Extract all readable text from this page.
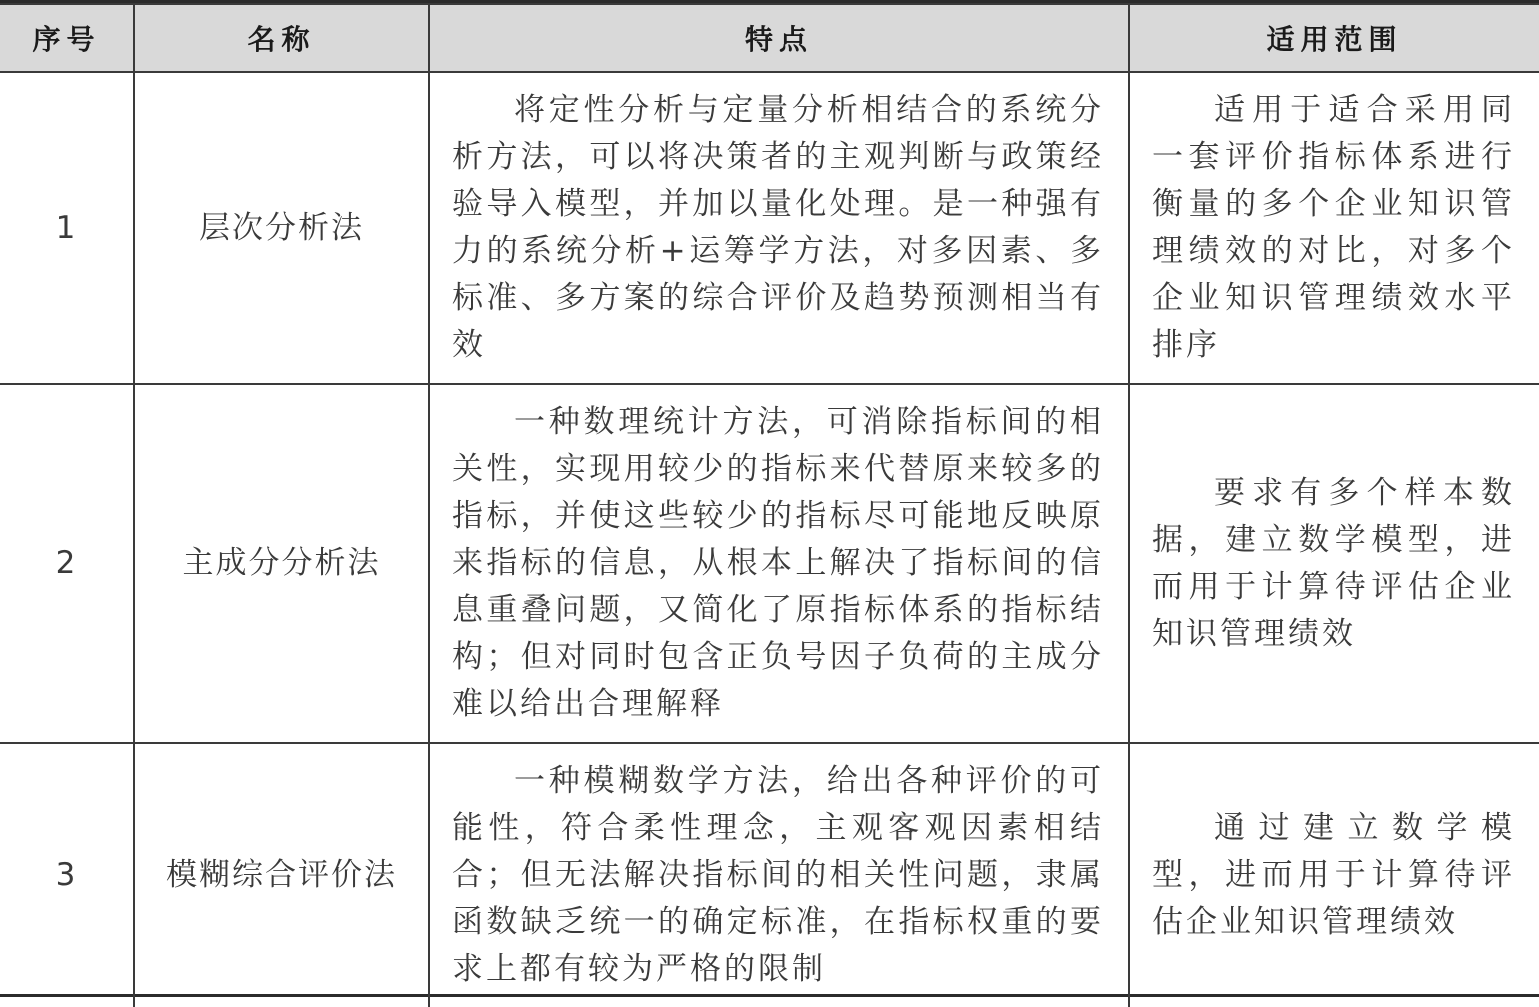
序号	名称	特点	适用范围
1	层次分析法	将定性分析与定量分析相结合的系统分析方法，可以将决策者的主观判断与政策经验导入模型，并加以量化处理。是一种强有力的系统分析+运筹学方法，对多因素、多标准、多方案的综合评价及趋势预测相当有效	适用于适合采用同一套评价指标体系进行衡量的多个企业知识管理绩效的对比，对多个企业知识管理绩效水平排序
2	主成分分析法	一种数理统计方法，可消除指标间的相关性，实现用较少的指标来代替原来较多的指标，并使这些较少的指标尽可能地反映原来指标的信息，从根本上解决了指标间的信息重叠问题，又简化了原指标体系的指标结构；但对同时包含正负号因子负荷的主成分难以给出合理解释	要求有多个样本数据，建立数学模型，进而用于计算待评估企业知识管理绩效
3	模糊综合评价法	一种模糊数学方法，给出各种评价的可能性，符合柔性理念，主观客观因素相结合；但无法解决指标间的相关性问题，隶属函数缺乏统一的确定标准，在指标权重的要求上都有较为严格的限制	通过建立数学模型，进而用于计算待评估企业知识管理绩效
